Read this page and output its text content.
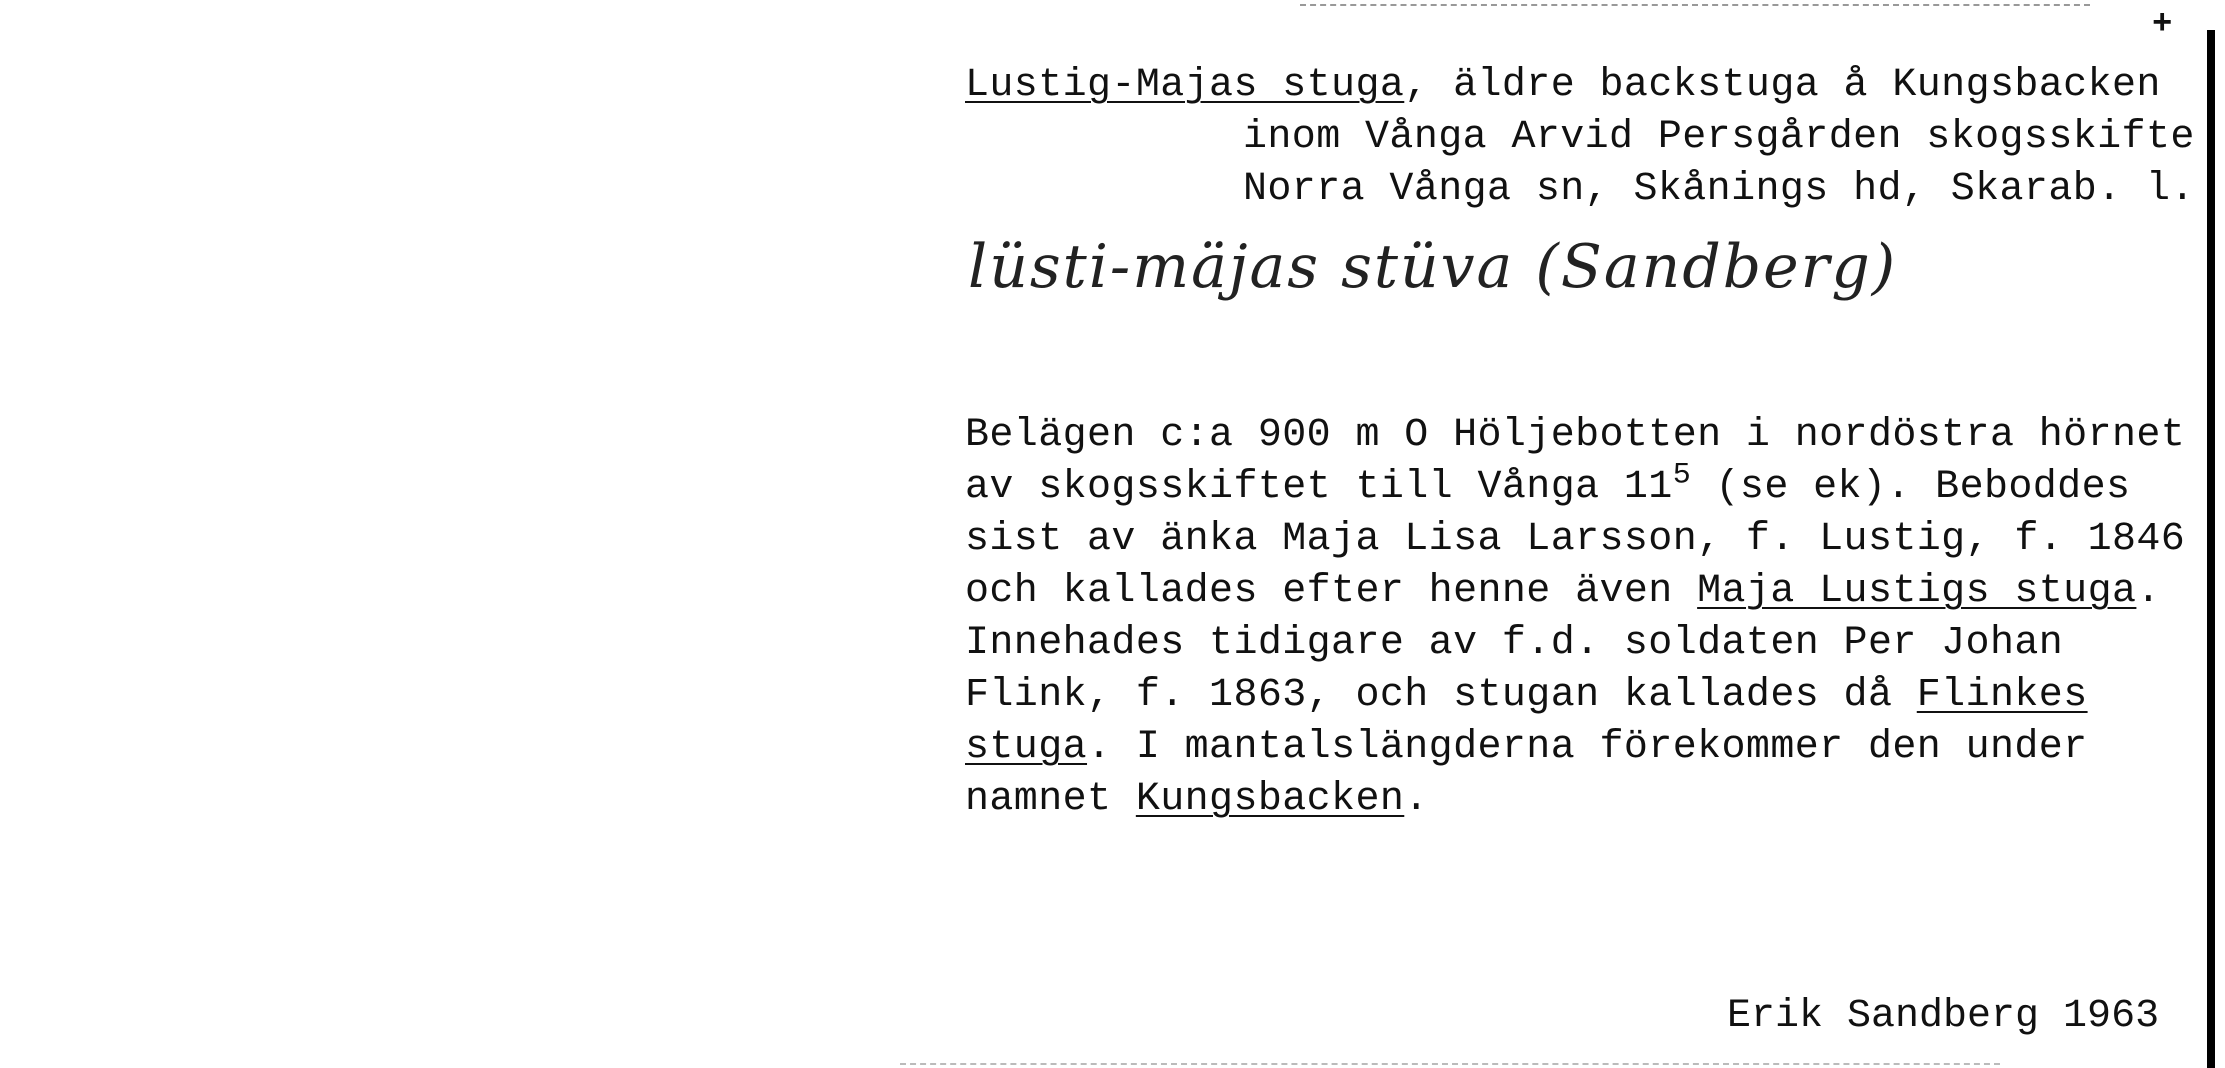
+
Lustig-Majas stuga, äldre backstuga å Kungsbacken
inom Vånga Arvid Persgården skogsskifte
Norra Vånga sn, Skånings hd, Skarab. l.
lüsti-mäjas stüva (Sandberg)
Belägen c:a 900 m O Höljebotten i nordöstra hörnet
av skogsskiftet till Vånga $11^5$ (se ek). Beboddes
sist av änka Maja Lisa Larsson, f. Lustig, f. 1846
och kallades efter henne även Maja Lustigs stuga.
Innehades tidigare av f.d. soldaten Per Johan
Flink, f. 1863, och stugan kallades då Flinkes
stuga. I mantalslängderna förekommer den under
namnet Kungsbacken.
Erik Sandberg 1963
